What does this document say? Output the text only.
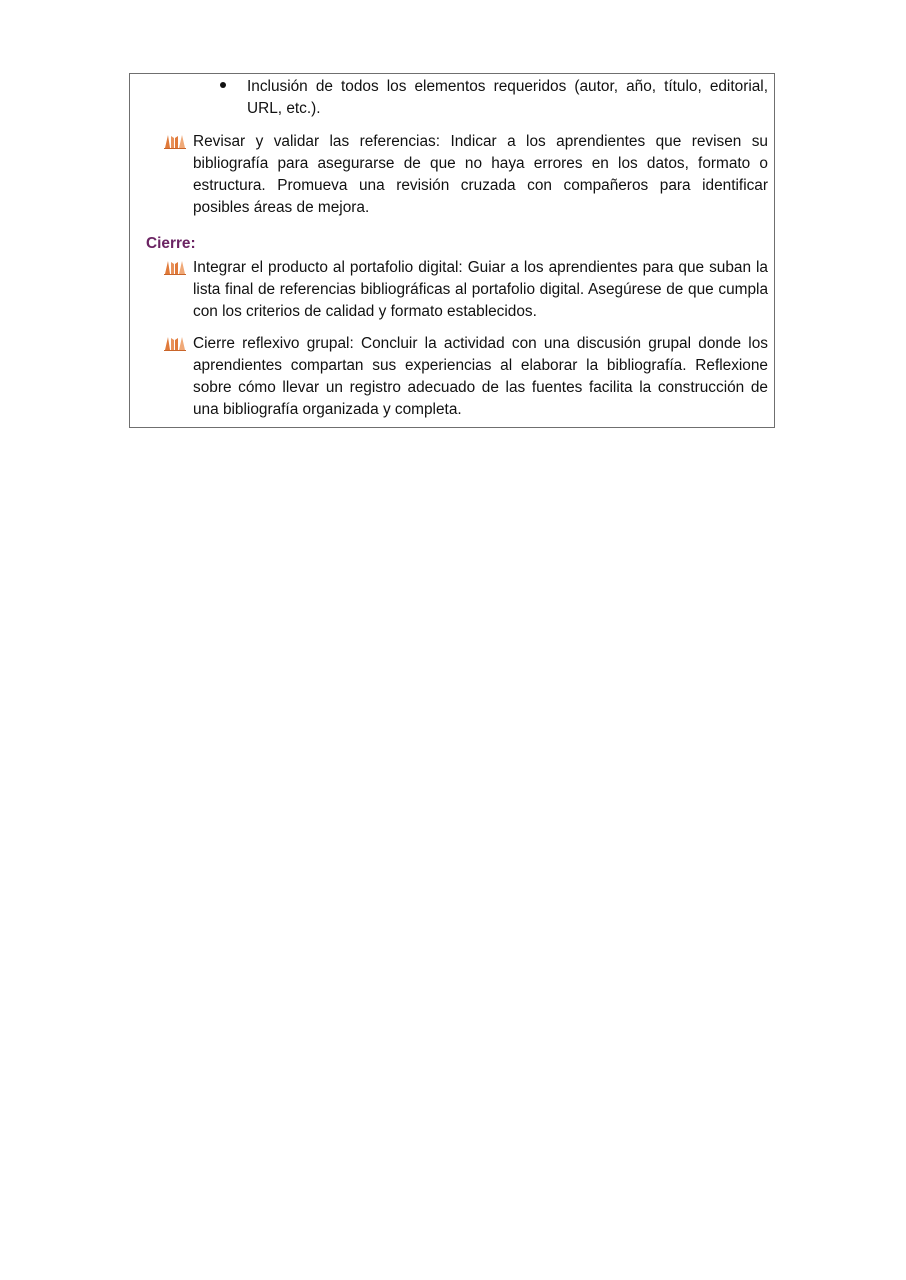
Inclusión de todos los elementos requeridos (autor, año, título, editorial, URL, etc.).
Revisar y validar las referencias: Indicar a los aprendientes que revisen su bibliografía para asegurarse de que no haya errores en los datos, formato o estructura. Promueva una revisión cruzada con compañeros para identificar posibles áreas de mejora.
Cierre:
Integrar el producto al portafolio digital: Guiar a los aprendientes para que suban la lista final de referencias bibliográficas al portafolio digital. Asegúrese de que cumpla con los criterios de calidad y formato establecidos.
Cierre reflexivo grupal: Concluir la actividad con una discusión grupal donde los aprendientes compartan sus experiencias al elaborar la bibliografía. Reflexione sobre cómo llevar un registro adecuado de las fuentes facilita la construcción de una bibliografía organizada y completa.
